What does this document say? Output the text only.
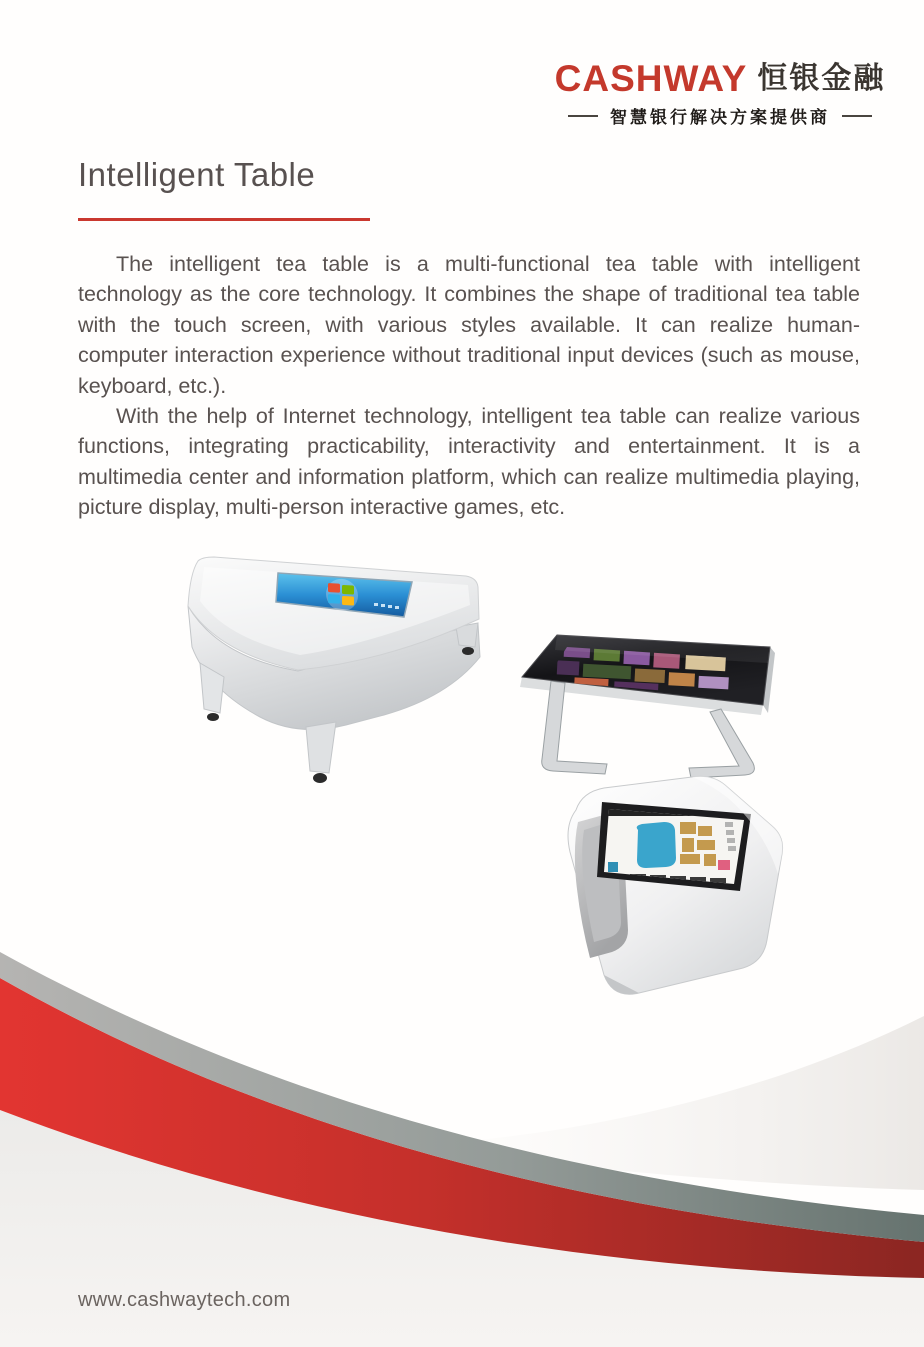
CASHWAY 恒银金融
智慧银行解决方案提供商
Intelligent Table

The intelligent tea table is a multi-functional tea table with intelligent technology as the core technology. It combines the shape of traditional tea table with the touch screen, with various styles available. It can realize human-computer interaction experience without traditional input devices (such as mouse, keyboard, etc.).

With the help of Internet technology, intelligent tea table can realize various functions, integrating practicability, interactivity and entertainment. It is a multimedia center and information platform, which can realize multimedia playing, picture display, multi-person interactive games, etc.

www.cashwaytech.com
